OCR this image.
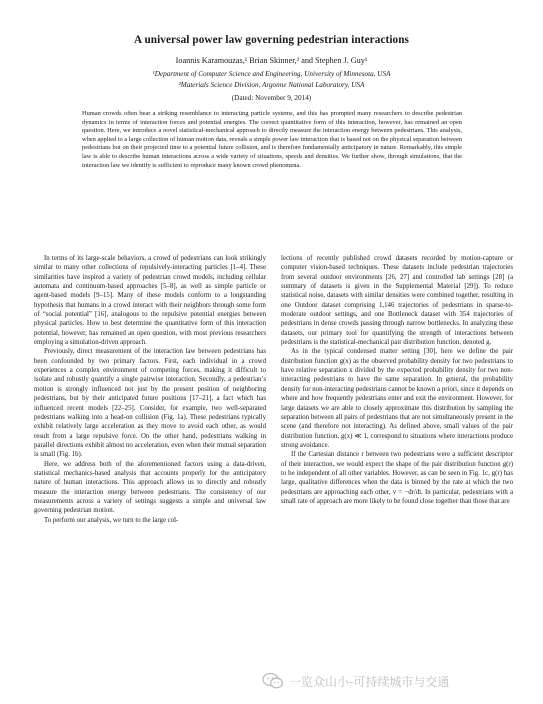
A universal power law governing pedestrian interactions
Ioannis Karamouzas,¹ Brian Skinner,² and Stephen J. Guy¹
¹Department of Computer Science and Engineering, University of Minnesota, USA
²Materials Science Division, Argonne National Laboratory, USA
(Dated: November 9, 2014)
Human crowds often bear a striking resemblance to interacting particle systems, and this has prompted many researchers to describe pedestrian dynamics in terms of interaction forces and potential energies. The correct quantitative form of this interaction, however, has remained an open question. Here, we introduce a novel statistical-mechanical approach to directly measure the interaction energy between pedestrians. This analysis, when applied to a large collection of human motion data, reveals a simple power law interaction that is based not on the physical separation between pedestrians but on their projected time to a potential future collision, and is therefore fundamentally anticipatory in nature. Remarkably, this simple law is able to describe human interactions across a wide variety of situations, speeds and densities. We further show, through simulations, that the interaction law we identify is sufficient to reproduce many known crowd phenomena.

In terms of its large-scale behaviors, a crowd of pedestrians can look strikingly similar to many other collections of repulsively-interacting particles [1–4]. These similarities have inspired a variety of pedestrian crowd models, including cellular automata and continuum-based approaches [5–8], as well as simple particle or agent-based models [9–15]. Many of these models conform to a longstanding hypothesis that humans in a crowd interact with their neighbors through some form of “social potential” [16], analogous to the repulsive potential energies between physical particles. How to best determine the quantitative form of this interaction potential, however, has remained an open question, with most previous researchers employing a simulation-driven approach.

Previously, direct measurement of the interaction law between pedestrians has been confounded by two primary factors. First, each individual in a crowd experiences a complex environment of competing forces, making it difficult to isolate and robustly quantify a single pairwise interaction. Secondly, a pedestrian’s motion is strongly influenced not just by the present position of neighboring pedestrians, but by their anticipated future positions [17–21], a fact which has influenced recent models [22–25]. Consider, for example, two well-separated pedestrians walking into a head-on collision (Fig. 1a). These pedestrians typically exhibit relatively large acceleration as they move to avoid each other, as would result from a large repulsive force. On the other hand, pedestrians walking in parallel directions exhibit almost no acceleration, even when their mutual separation is small (Fig. 1b).

Here, we address both of the aforementioned factors using a data-driven, statistical mechanics-based analysis that accounts properly for the anticipatory nature of human interactions. This approach allows us to directly and robustly measure the interaction energy between pedestrians. The consistency of our measurements across a variety of settings suggests a simple and universal law governing pedestrian motion.

To perform our analysis, we turn to the large col-

lections of recently published crowd datasets recorded by motion-capture or computer vision-based techniques. These datasets include pedestrian trajectories from several outdoor environments [26, 27] and controlled lab settings [28] (a summary of datasets is given in the Supplemental Material [29]). To reduce statistical noise, datasets with similar densities were combined together, resulting in one Outdoor dataset comprising 1,146 trajectories of pedestrians in sparse-to-moderate outdoor settings, and one Bottleneck dataset with 354 trajectories of pedestrians in dense crowds passing through narrow bottlenecks. In analyzing these datasets, our primary tool for quantifying the strength of interactions between pedestrians is the statistical-mechanical pair distribution function, denoted g.

As in the typical condensed matter setting [30], here we define the pair distribution function g(x) as the observed probability density for two pedestrians to have relative separation x divided by the expected probability density for two non-interacting pedestrians to have the same separation. In general, the probability density for non-interacting pedestrians cannot be known a priori, since it depends on where and how frequently pedestrians enter and exit the environment. However, for large datasets we are able to closely approximate this distribution by sampling the separation between all pairs of pedestrians that are not simultaneously present in the scene (and therefore not interacting). As defined above, small values of the pair distribution function, g(x) ≪ 1, correspond to situations where interactions produce strong avoidance.

If the Cartesian distance r between two pedestrians were a sufficient descriptor of their interaction, we would expect the shape of the pair distribution function g(r) to be independent of all other variables. However, as can be seen in Fig. 1c, g(r) has large, qualitative differences when the data is binned by the rate at which the two pedestrians are approaching each other, v = −dr/dt. In particular, pedestrians with a small rate of approach are more likely to be found close together than those that are

一览众山小-可持续城市与交通
